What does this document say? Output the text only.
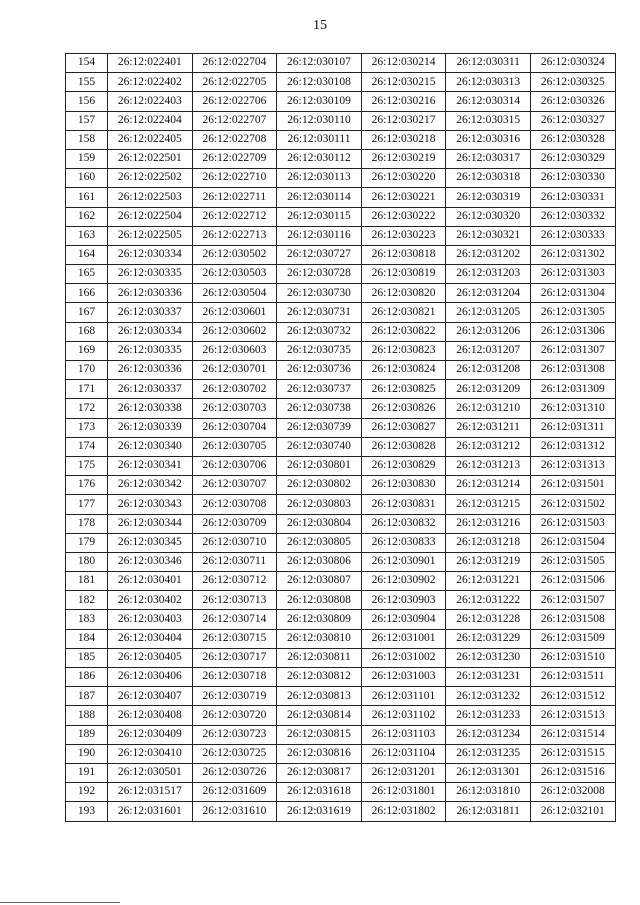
15
154	26:12:022401	26:12:022704	26:12:030107	26:12:030214	26:12:030311	26:12:030324
155	26:12:022402	26:12:022705	26:12:030108	26:12:030215	26:12:030313	26:12:030325
156	26:12:022403	26:12:022706	26:12:030109	26:12:030216	26:12:030314	26:12:030326
157	26:12:022404	26:12:022707	26:12:030110	26:12:030217	26:12:030315	26:12:030327
158	26:12:022405	26:12:022708	26:12:030111	26:12:030218	26:12:030316	26:12:030328
159	26:12:022501	26:12:022709	26:12:030112	26:12:030219	26:12:030317	26:12:030329
160	26:12:022502	26:12:022710	26:12:030113	26:12:030220	26:12:030318	26:12:030330
161	26:12:022503	26:12:022711	26:12:030114	26:12:030221	26:12:030319	26:12:030331
162	26:12:022504	26:12:022712	26:12:030115	26:12:030222	26:12:030320	26:12:030332
163	26:12:022505	26:12:022713	26:12:030116	26:12:030223	26:12:030321	26:12:030333
164	26:12:030334	26:12:030502	26:12:030727	26:12:030818	26:12:031202	26:12:031302
165	26:12:030335	26:12:030503	26:12:030728	26:12:030819	26:12:031203	26:12:031303
166	26:12:030336	26:12:030504	26:12:030730	26:12:030820	26:12:031204	26:12:031304
167	26:12:030337	26:12:030601	26:12:030731	26:12:030821	26:12:031205	26:12:031305
168	26:12:030334	26:12:030602	26:12:030732	26:12:030822	26:12:031206	26:12:031306
169	26:12:030335	26:12:030603	26:12:030735	26:12:030823	26:12:031207	26:12:031307
170	26:12:030336	26:12:030701	26:12:030736	26:12:030824	26:12:031208	26:12:031308
171	26:12:030337	26:12:030702	26:12:030737	26:12:030825	26:12:031209	26:12:031309
172	26:12:030338	26:12:030703	26:12:030738	26:12:030826	26:12:031210	26:12:031310
173	26:12:030339	26:12:030704	26:12:030739	26:12:030827	26:12:031211	26:12:031311
174	26:12:030340	26:12:030705	26:12:030740	26:12:030828	26:12:031212	26:12:031312
175	26:12:030341	26:12:030706	26:12:030801	26:12:030829	26:12:031213	26:12:031313
176	26:12:030342	26:12:030707	26:12:030802	26:12:030830	26:12:031214	26:12:031501
177	26:12:030343	26:12:030708	26:12:030803	26:12:030831	26:12:031215	26:12:031502
178	26:12:030344	26:12:030709	26:12:030804	26:12:030832	26:12:031216	26:12:031503
179	26:12:030345	26:12:030710	26:12:030805	26:12:030833	26:12:031218	26:12:031504
180	26:12:030346	26:12:030711	26:12:030806	26:12:030901	26:12:031219	26:12:031505
181	26:12:030401	26:12:030712	26:12:030807	26:12:030902	26:12:031221	26:12:031506
182	26:12:030402	26:12:030713	26:12:030808	26:12:030903	26:12:031222	26:12:031507
183	26:12:030403	26:12:030714	26:12:030809	26:12:030904	26:12:031228	26:12:031508
184	26:12:030404	26:12:030715	26:12:030810	26:12:031001	26:12:031229	26:12:031509
185	26:12:030405	26:12:030717	26:12:030811	26:12:031002	26:12:031230	26:12:031510
186	26:12:030406	26:12:030718	26:12:030812	26:12:031003	26:12:031231	26:12:031511
187	26:12:030407	26:12:030719	26:12:030813	26:12:031101	26:12:031232	26:12:031512
188	26:12:030408	26:12:030720	26:12:030814	26:12:031102	26:12:031233	26:12:031513
189	26:12:030409	26:12:030723	26:12:030815	26:12:031103	26:12:031234	26:12:031514
190	26:12:030410	26:12:030725	26:12:030816	26:12:031104	26:12:031235	26:12:031515
191	26:12:030501	26:12:030726	26:12:030817	26:12:031201	26:12:031301	26:12:031516
192	26:12:031517	26:12:031609	26:12:031618	26:12:031801	26:12:031810	26:12:032008
193	26:12:031601	26:12:031610	26:12:031619	26:12:031802	26:12:031811	26:12:032101
